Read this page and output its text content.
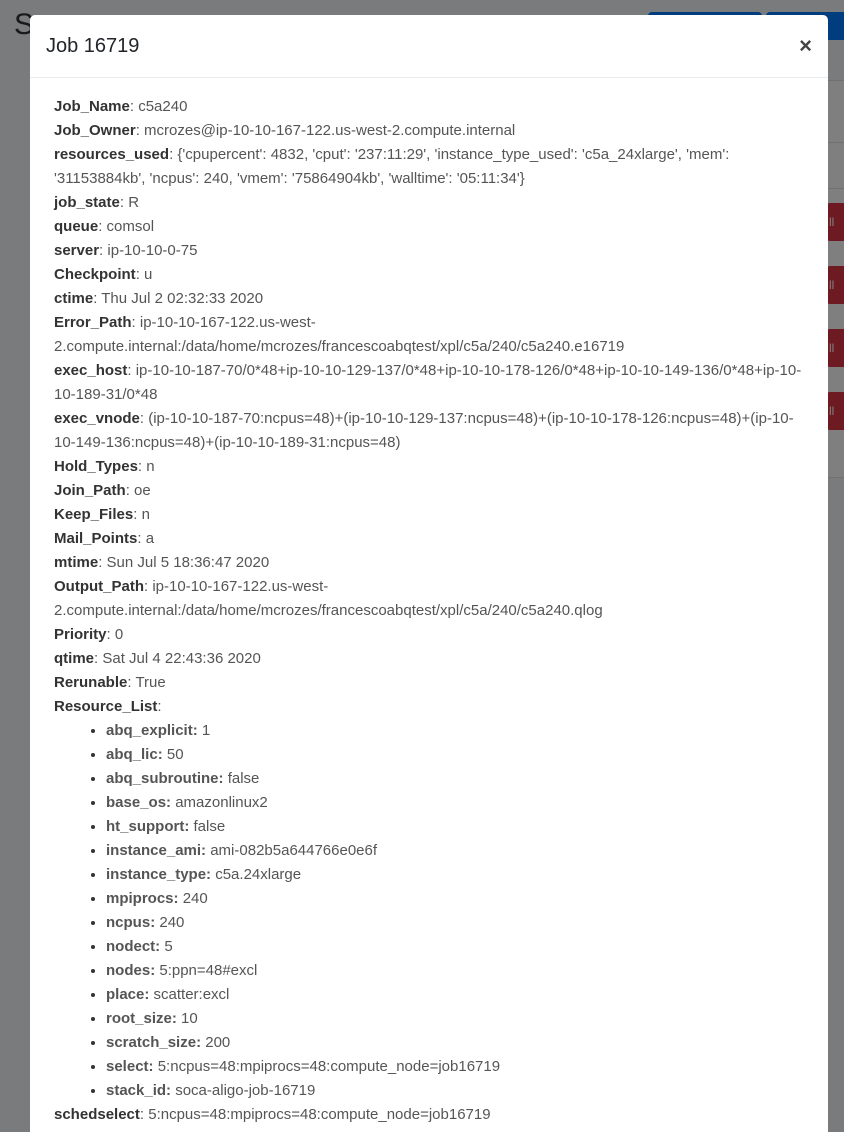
Job 16719	×
Job_Name: c5a240
Job_Owner: mcrozes@ip-10-10-167-122.us-west-2.compute.internal
resources_used: {'cpupercent': 4832, 'cput': '237:11:29', 'instance_type_used': 'c5a_24xlarge', 'mem': '31153884kb', 'ncpus': 240, 'vmem': '75864904kb', 'walltime': '05:11:34'}
job_state: R
queue: comsol
server: ip-10-10-0-75
Checkpoint: u
ctime: Thu Jul 2 02:32:33 2020
Error_Path: ip-10-10-167-122.us-west-2.compute.internal:/data/home/mcrozes/francescoabqtest/xpl/c5a/240/c5a240.e16719
exec_host: ip-10-10-187-70/0*48+ip-10-10-129-137/0*48+ip-10-10-178-126/0*48+ip-10-10-149-136/0*48+ip-10-10-189-31/0*48
exec_vnode: (ip-10-10-187-70:ncpus=48)+(ip-10-10-129-137:ncpus=48)+(ip-10-10-178-126:ncpus=48)+(ip-10-10-149-136:ncpus=48)+(ip-10-10-189-31:ncpus=48)
Hold_Types: n
Join_Path: oe
Keep_Files: n
Mail_Points: a
mtime: Sun Jul 5 18:36:47 2020
Output_Path: ip-10-10-167-122.us-west-2.compute.internal:/data/home/mcrozes/francescoabqtest/xpl/c5a/240/c5a240.qlog
Priority: 0
qtime: Sat Jul 4 22:43:36 2020
Rerunable: True
Resource_List:
• abq_explicit: 1
• abq_lic: 50
• abq_subroutine: false
• base_os: amazonlinux2
• ht_support: false
• instance_ami: ami-082b5a644766e0e6f
• instance_type: c5a.24xlarge
• mpiprocs: 240
• ncpus: 240
• nodect: 5
• nodes: 5:ppn=48#excl
• place: scatter:excl
• root_size: 10
• scratch_size: 200
• select: 5:ncpus=48:mpiprocs=48:compute_node=job16719
• stack_id: soca-aligo-job-16719
schedselect: 5:ncpus=48:mpiprocs=48:compute_node=job16719
